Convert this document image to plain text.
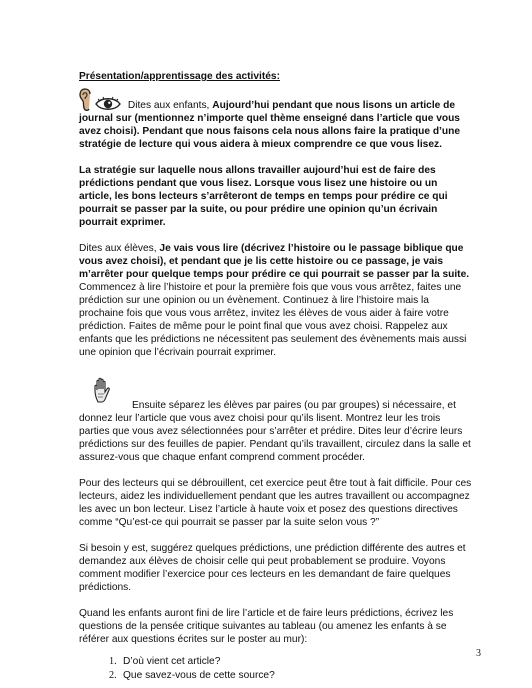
Présentation/apprentissage des activités:
Dites aux enfants, Aujourd’hui pendant que nous lisons un article de journal sur (mentionnez n’importe quel thème enseigné dans l’article que vous avez choisi). Pendant que nous faisons cela nous allons faire la pratique d’une stratégie de lecture qui vous aidera à mieux comprendre ce que vous lisez.
La stratégie sur laquelle nous allons travailler aujourd’hui est de faire des prédictions pendant que vous lisez. Lorsque vous lisez une histoire ou un article, les bons lecteurs s’arrêteront de temps en temps pour prédire ce qui pourrait se passer par la suite, ou pour prédire une opinion qu’un écrivain pourrait exprimer.
Dites aux élèves, Je vais vous lire (décrivez l’histoire ou le passage biblique que vous avez choisi), et pendant que je lis cette histoire ou ce passage, je vais m’arrêter pour quelque temps pour prédire ce qui pourrait se passer par la suite. Commencez à lire l’histoire et pour la première fois que vous vous arrêtez, faites une prédiction sur une opinion ou un évènement. Continuez à lire l’histoire mais la prochaine fois que vous vous arrêtez, invitez les élèves de vous aider à faire votre prédiction. Faites de même pour le point final que vous avez choisi. Rappelez aux enfants que les prédictions ne nécessitent pas seulement des évènements mais aussi une opinion que l’écrivain pourrait exprimer.
Ensuite séparez les élèves par paires (ou par groupes) si nécessaire, et donnez leur l’article que vous avez choisi pour qu’ils lisent. Montrez leur les trois parties que vous avez sélectionnées pour s’arrêter et prédire. Dites leur d’écrire leurs prédictions sur des feuilles de papier. Pendant qu’ils travaillent, circulez dans la salle et assurez-vous que chaque enfant comprend comment procéder.
Pour des lecteurs qui se débrouillent, cet exercice peut être tout à fait difficile. Pour ces lecteurs, aidez les individuellement pendant que les autres travaillent ou accompagnez les avec un bon lecteur. Lisez l’article à haute voix et posez des questions directives comme “Qu’est-ce qui pourrait se passer par la suite selon vous ?”
Si besoin y est, suggérez quelques prédictions, une prédiction différente des autres et demandez aux élèves de choisir celle qui peut probablement se produire. Voyons comment modifier l’exercice pour ces lecteurs en les demandant de faire quelques prédictions.
Quand les enfants auront fini de lire l’article et de faire leurs prédictions, écrivez les questions de la pensée critique suivantes au tableau (ou amenez les enfants à se référer aux questions écrites sur le poster au mur):
1. D’où vient cet article?
2. Que savez-vous de cette source?
3
